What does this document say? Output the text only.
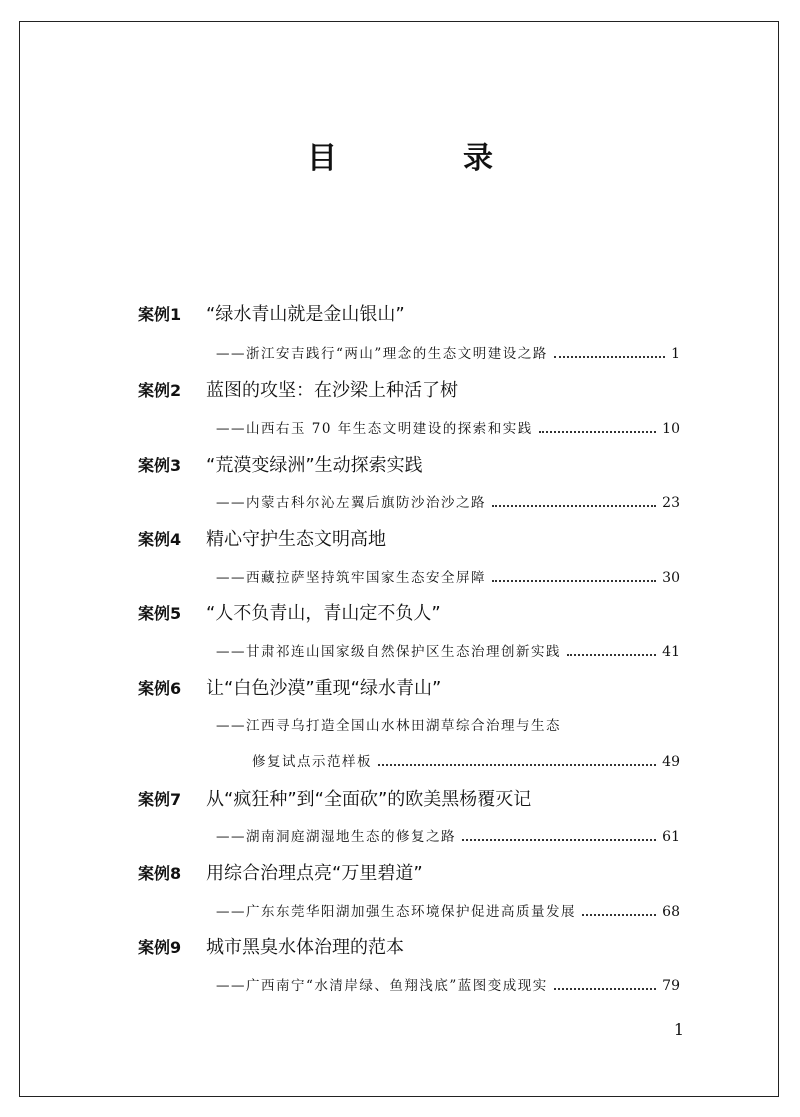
目　录
案例1 “绿水青山就是金山银山”
——浙江安吉践行“两山”理念的生态文明建设之路	1
案例2 蓝图的攻坚：在沙梁上种活了树
——山西右玉 70 年生态文明建设的探索和实践	10
案例3 “荒漠变绿洲”生动探索实践
——内蒙古科尔沁左翼后旗防沙治沙之路	23
案例4 精心守护生态文明高地
——西藏拉萨坚持筑牢国家生态安全屏障	30
案例5 “人不负青山，青山定不负人”
——甘肃祁连山国家级自然保护区生态治理创新实践	41
案例6 让“白色沙漠”重现“绿水青山”
——江西寻乌打造全国山水林田湖草综合治理与生态
修复试点示范样板	49
案例7 从“疯狂种”到“全面砍”的欧美黑杨覆灭记
——湖南洞庭湖湿地生态的修复之路	61
案例8 用综合治理点亮“万里碧道”
——广东东莞华阳湖加强生态环境保护促进高质量发展	68
案例9 城市黑臭水体治理的范本
——广西南宁“水清岸绿、鱼翔浅底”蓝图变成现实	79
1
